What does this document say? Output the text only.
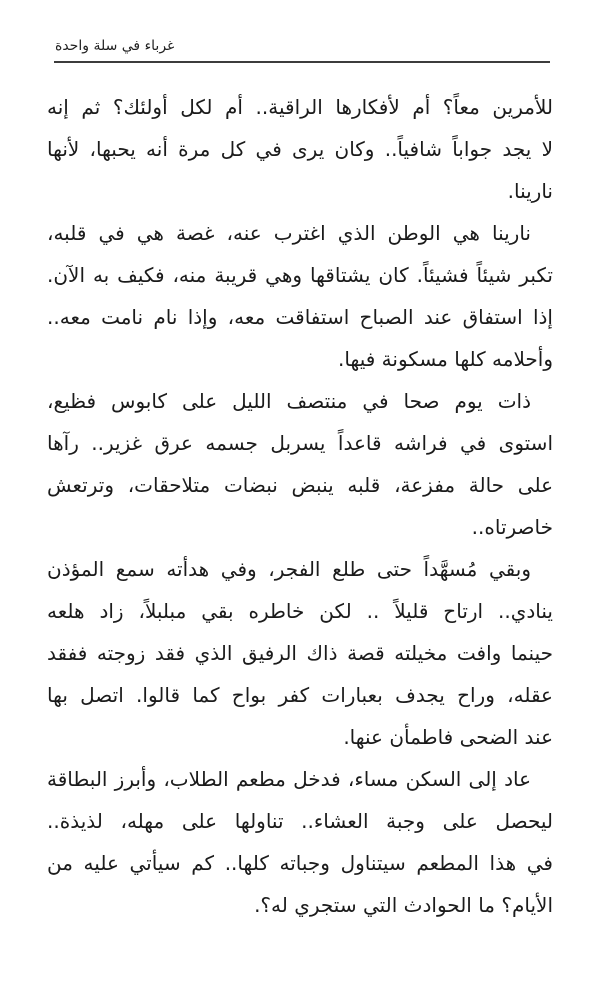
غرباء في سلة واحدة
للأمرين معاً؟ أم لأفكارها الراقية.. أم لكل أولئك؟ ثم إنه
لا يجد جواباً شافياً.. وكان يرى في كل مرة أنه يحبها، لأنها
نارينا.
نارينا هي الوطن الذي اغترب عنه، غصة هي في قلبه،
تكبر شيئاً فشيئاً. كان يشتاقها وهي قريبة منه، فكيف به الآن.
إذا استفاق عند الصباح استفاقت معه، وإذا نام نامت معه..
وأحلامه كلها مسكونة فيها.
ذات يوم صحا في منتصف الليل على كابوس فظيع،
استوى في فراشه قاعداً يسربل جسمه عرق غزير.. رآها
على حالة مفزعة، قلبه ينبض نبضات متلاحقات، وترتعش
خاصرتاه..
وبقي مُسهَّداً حتى طلع الفجر، وفي هدأته سمع المؤذن
ينادي.. ارتاح قليلاً .. لكن خاطره بقي مبلبلاً، زاد هلعه
حينما وافت مخيلته قصة ذاك الرفيق الذي فقد زوجته ففقد
عقله، وراح يجدف بعبارات كفر بواح كما قالوا. اتصل بها
عند الضحى فاطمأن عنها.
عاد إلى السكن مساء، فدخل مطعم الطلاب، وأبرز البطاقة
ليحصل على وجبة العشاء.. تناولها على مهله، لذيذة..
في هذا المطعم سيتناول وجباته كلها.. كم سيأتي عليه من
الأيام؟ ما الحوادث التي ستجري له؟.
